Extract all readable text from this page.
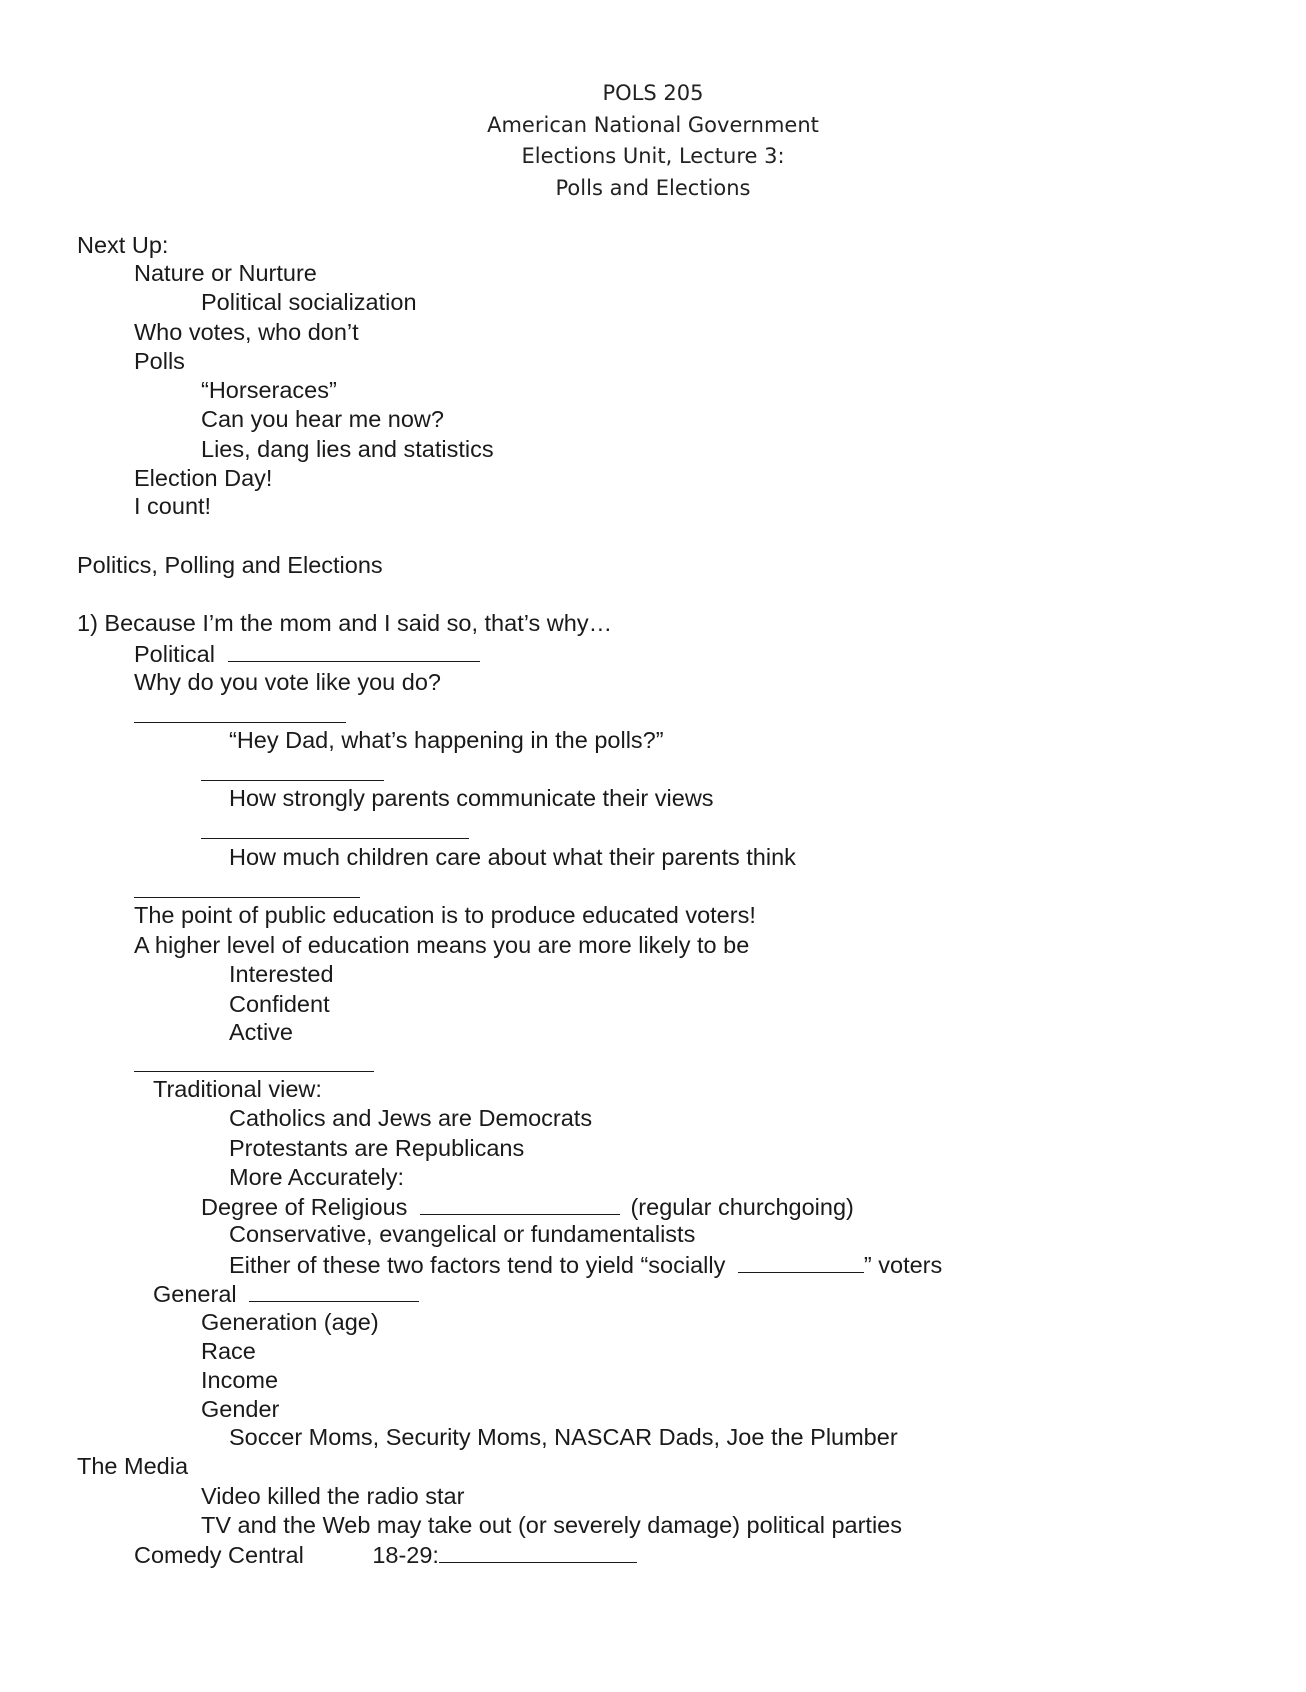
POLS 205
American National Government
Elections Unit, Lecture 3:
Polls and Elections
Next Up:
Nature or Nurture
Political socialization
Who votes, who don’t
Polls
“Horseraces”
Can you hear me now?
Lies, dang lies and statistics
Election Day!
I count!
Politics, Polling and Elections
1) Because I’m the mom and I said so, that’s why…
Political
Why do you vote like you do?
“Hey Dad, what’s happening in the polls?”
How strongly parents communicate their views
How much children care about what their parents think
The point of public education is to produce educated voters!
A higher level of education means you are more likely to be
Interested
Confident
Active
Traditional view:
Catholics and Jews are Democrats
Protestants are Republicans
More Accurately:
Degree of Religious	(regular churchgoing)
Conservative, evangelical or fundamentalists
Either of these two factors tend to yield “socially	” voters
General
Generation (age)
Race
Income
Gender
Soccer Moms, Security Moms, NASCAR Dads, Joe the Plumber
The Media
Video killed the radio star
TV and the Web may take out (or severely damage) political parties
Comedy Central	18-29:
